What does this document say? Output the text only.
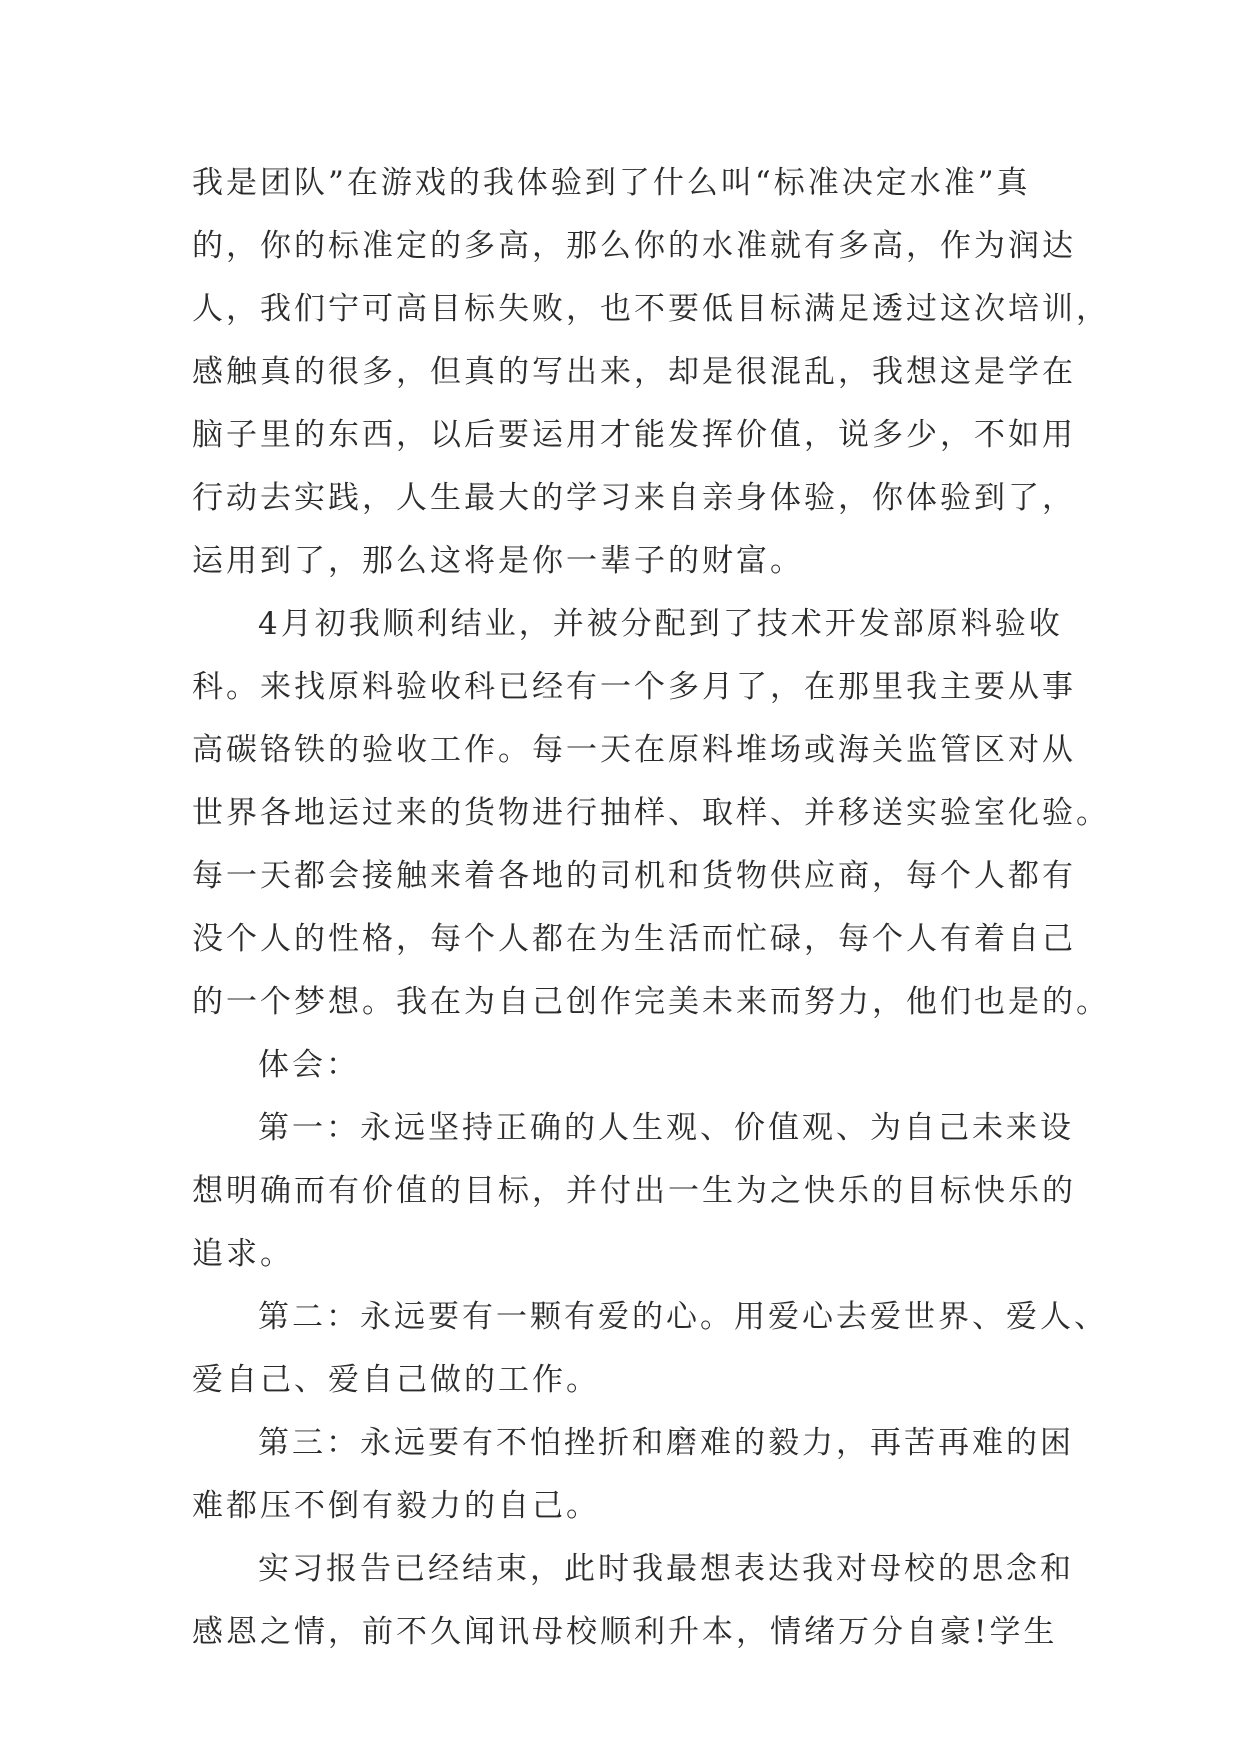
我是团队”在游戏的我体验到了什么叫“标准决定水准”真
的，你的标准定的多高，那么你的水准就有多高，作为润达
人，我们宁可高目标失败，也不要低目标满足透过这次培训，
感触真的很多，但真的写出来，却是很混乱，我想这是学在
脑子里的东西，以后要运用才能发挥价值，说多少，不如用
行动去实践，人生最大的学习来自亲身体验，你体验到了，
运用到了，那么这将是你一辈子的财富。
4月初我顺利结业，并被分配到了技术开发部原料验收
科。来找原料验收科已经有一个多月了，在那里我主要从事
高碳铬铁的验收工作。每一天在原料堆场或海关监管区对从
世界各地运过来的货物进行抽样、取样、并移送实验室化验。
每一天都会接触来着各地的司机和货物供应商，每个人都有
没个人的性格，每个人都在为生活而忙碌，每个人有着自己
的一个梦想。我在为自己创作完美未来而努力，他们也是的。
体会：
第一：永远坚持正确的人生观、价值观、为自己未来设
想明确而有价值的目标，并付出一生为之快乐的目标快乐的
追求。
第二：永远要有一颗有爱的心。用爱心去爱世界、爱人、
爱自己、爱自己做的工作。
第三：永远要有不怕挫折和磨难的毅力，再苦再难的困
难都压不倒有毅力的自己。
实习报告已经结束，此时我最想表达我对母校的思念和
感恩之情，前不久闻讯母校顺利升本，情绪万分自豪!学生
